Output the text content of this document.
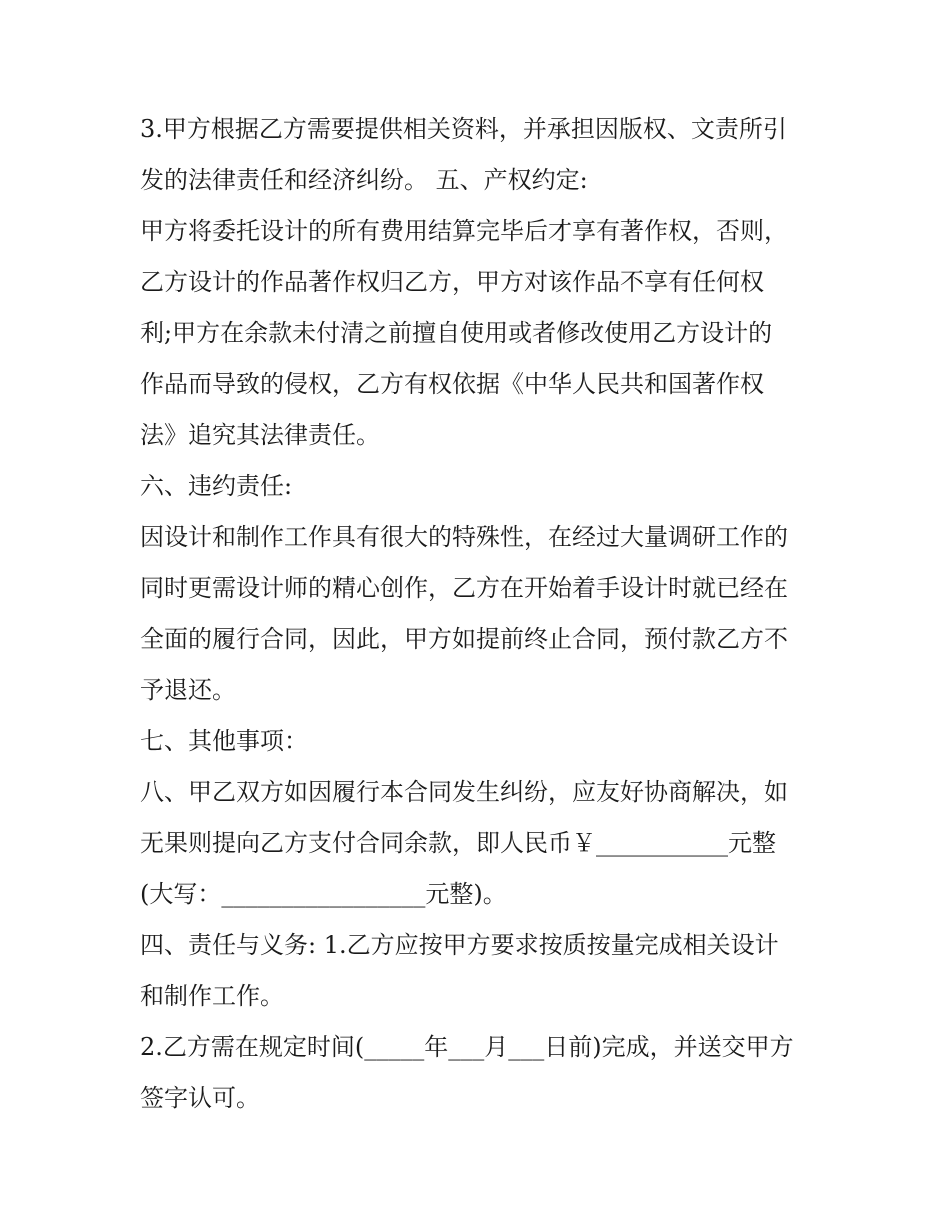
3.甲方根据乙方需要提供相关资料，并承担因版权、文责所引
发的法律责任和经济纠纷。 五、产权约定:
甲方将委托设计的所有费用结算完毕后才享有著作权，否则，
乙方设计的作品著作权归乙方，甲方对该作品不享有任何权
利;甲方在余款未付清之前擅自使用或者修改使用乙方设计的
作品而导致的侵权，乙方有权依据《中华人民共和国著作权
法》追究其法律责任。
六、违约责任:
因设计和制作工作具有很大的特殊性，在经过大量调研工作的
同时更需设计师的精心创作，乙方在开始着手设计时就已经在
全面的履行合同，因此，甲方如提前终止合同，预付款乙方不
予退还。
七、其他事项：
八、甲乙双方如因履行本合同发生纠纷，应友好协商解决，如
无果则提向乙方支付合同余款，即人民币￥___________元整
(大写：_________________元整)。
四、责任与义务: 1.乙方应按甲方要求按质按量完成相关设计
和制作工作。
2.乙方需在规定时间(_____年___月___日前)完成，并送交甲方
签字认可。
